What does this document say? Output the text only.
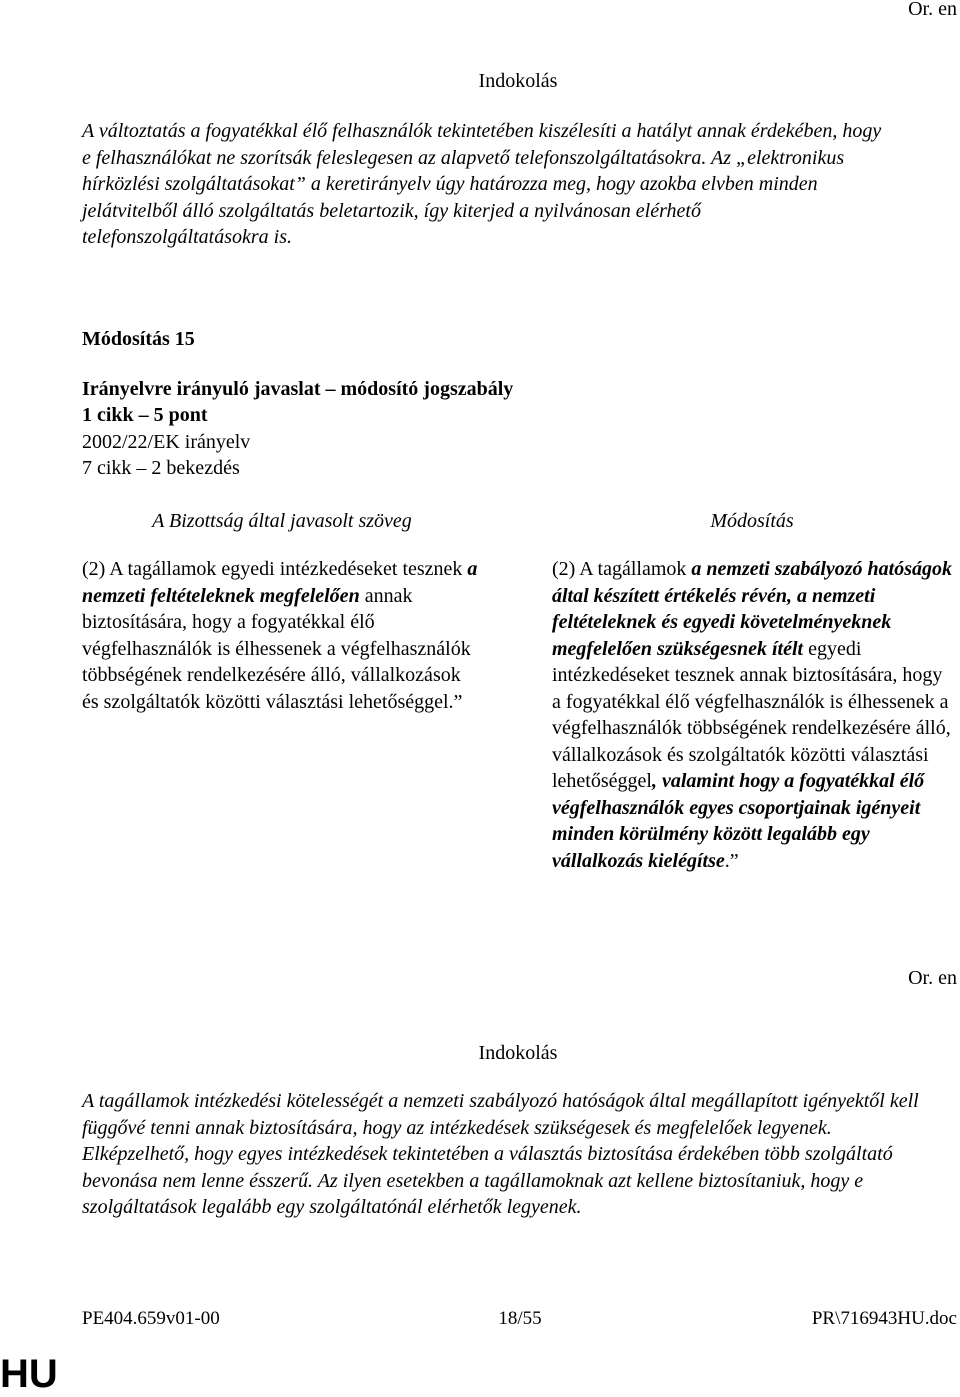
Or. en
Indokolás

A változtatás a fogyatékkal élő felhasználók tekintetében kiszélesíti a hatályt annak érdekében, hogy e felhasználókat ne szorítsák feleslegesen az alapvető telefonszolgáltatásokra. Az „elektronikus hírközlési szolgáltatásokat” a keretirányelv úgy határozza meg, hogy azokba elvben minden jelátvitelből álló szolgáltatás beletartozik, így kiterjed a nyilvánosan elérhető telefonszolgáltatásokra is.

Módosítás 15
Irányelvre irányuló javaslat – módosító jogszabály
1 cikk – 5 pont
2002/22/EK irányelv
7 cikk – 2 bekezdés
A Bizottság által javasolt szöveg	Módosítás

(2) A tagállamok egyedi intézkedéseket tesznek a nemzeti feltételeknek megfelelően annak biztosítására, hogy a fogyatékkal élő végfelhasználók is élhessenek a végfelhasználók többségének rendelkezésére álló, vállalkozások és szolgáltatók közötti választási lehetőséggel.”

(2) A tagállamok a nemzeti szabályozó hatóságok által készített értékelés révén, a nemzeti feltételeknek és egyedi követelményeknek megfelelően szükségesnek ítélt egyedi intézkedéseket tesznek annak biztosítására, hogy a fogyatékkal élő végfelhasználók is élhessenek a végfelhasználók többségének rendelkezésére álló, vállalkozások és szolgáltatók közötti választási lehetőséggel, valamint hogy a fogyatékkal élő végfelhasználók egyes csoportjainak igényeit minden körülmény között legalább egy vállalkozás kielégítse.”

Or. en
Indokolás

A tagállamok intézkedési kötelességét a nemzeti szabályozó hatóságok által megállapított igényektől kell függővé tenni annak biztosítására, hogy az intézkedések szükségesek és megfelelőek legyenek. Elképzelhető, hogy egyes intézkedések tekintetében a választás biztosítása érdekében több szolgáltató bevonása nem lenne ésszerű. Az ilyen esetekben a tagállamoknak azt kellene biztosítaniuk, hogy e szolgáltatások legalább egy szolgáltatónál elérhetők legyenek.

PE404.659v01-00	18/55	PR\716943HU.doc
HU
